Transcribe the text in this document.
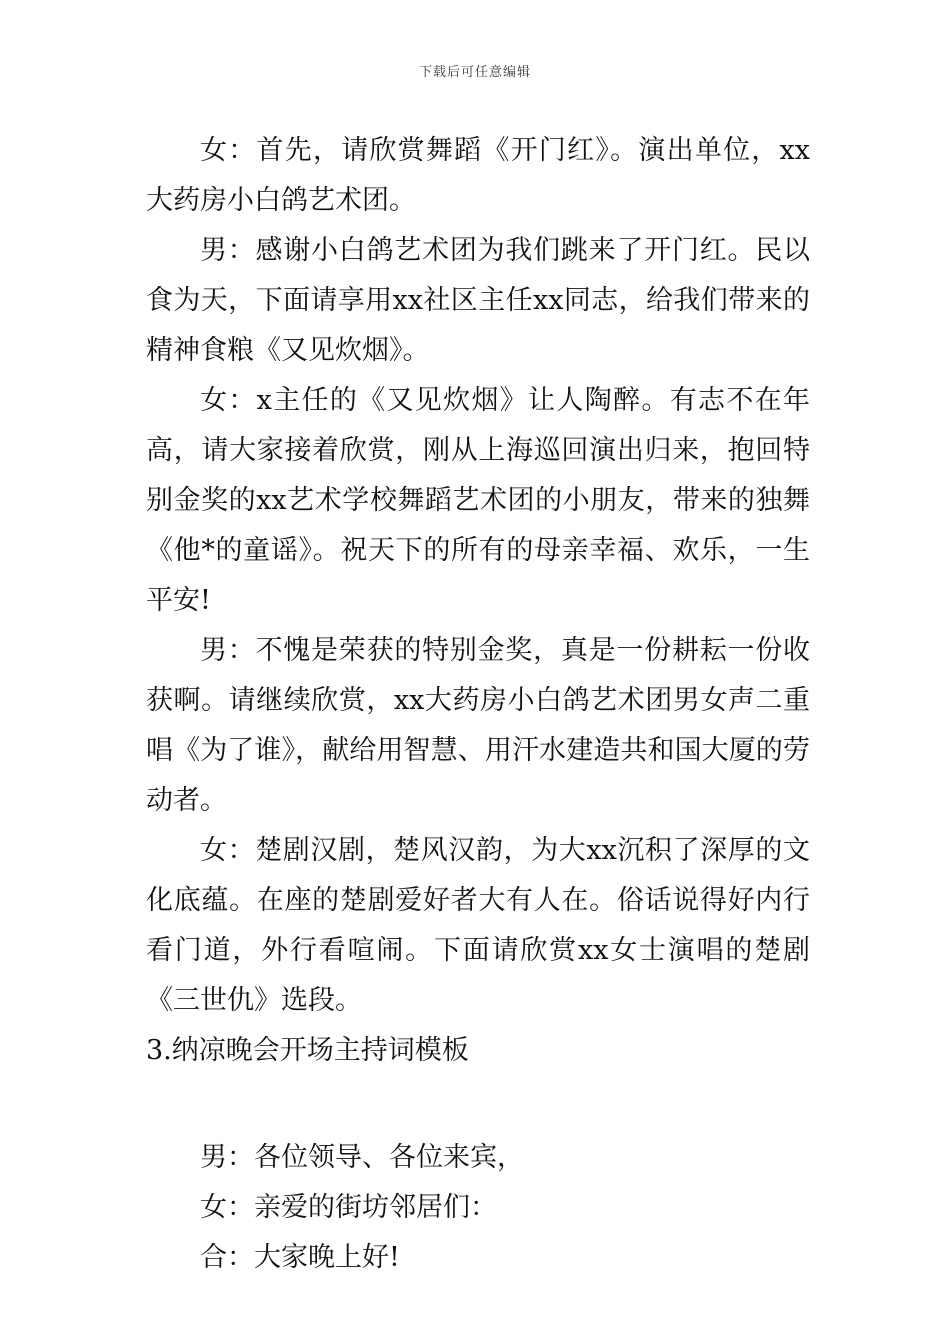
下载后可任意编辑

女：首先，请欣赏舞蹈《开门红》。演出单位，xx大药房小白鸽艺术团。

男：感谢小白鸽艺术团为我们跳来了开门红。民以食为天，下面请享用xx社区主任xx同志，给我们带来的精神食粮《又见炊烟》。

女：x主任的《又见炊烟》让人陶醉。有志不在年高，请大家接着欣赏，刚从上海巡回演出归来，抱回特别金奖的xx艺术学校舞蹈艺术团的小朋友，带来的独舞《他*的童谣》。祝天下的所有的母亲幸福、欢乐，一生平安!

男：不愧是荣获的特别金奖，真是一份耕耘一份收获啊。请继续欣赏，xx大药房小白鸽艺术团男女声二重唱《为了谁》，献给用智慧、用汗水建造共和国大厦的劳动者。

女：楚剧汉剧，楚风汉韵，为大xx沉积了深厚的文化底蕴。在座的楚剧爱好者大有人在。俗话说得好内行看门道，外行看喧闹。下面请欣赏xx女士演唱的楚剧《三世仇》选段。

3.纳凉晚会开场主持词模板

男：各位领导、各位来宾，

女：亲爱的街坊邻居们：

合：大家晚上好!
